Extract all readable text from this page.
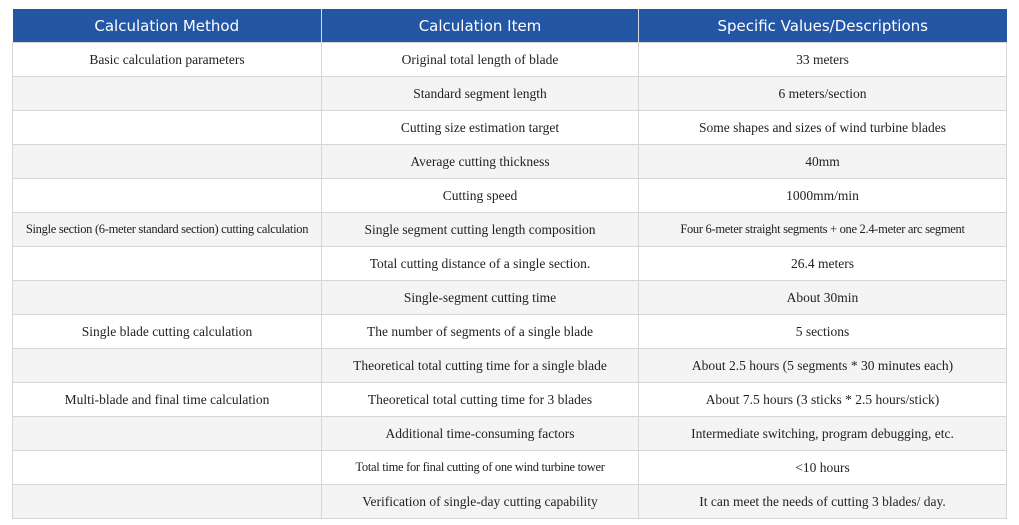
Calculation Method	Calculation Item	Specific Values/Descriptions
Basic calculation parameters	Original total length of blade	33 meters
	Standard segment length	6 meters/section
	Cutting size estimation target	Some shapes and sizes of wind turbine blades
	Average cutting thickness	40mm
	Cutting speed	1000mm/min
Single section (6-meter standard section) cutting calculation	Single segment cutting length composition	Four 6-meter straight segments + one 2.4-meter arc segment
	Total cutting distance of a single section.	26.4 meters
	Single-segment cutting time	About 30min
Single blade cutting calculation	The number of segments of a single blade	5 sections
	Theoretical total cutting time for a single blade	About 2.5 hours (5 segments * 30 minutes each)
Multi-blade and final time calculation	Theoretical total cutting time for 3 blades	About 7.5 hours (3 sticks * 2.5 hours/stick)
	Additional time-consuming factors	Intermediate switching, program debugging, etc.
	Total time for final cutting of one wind turbine tower	<10 hours
	Verification of single-day cutting capability	It can meet the needs of cutting 3 blades/ day.
